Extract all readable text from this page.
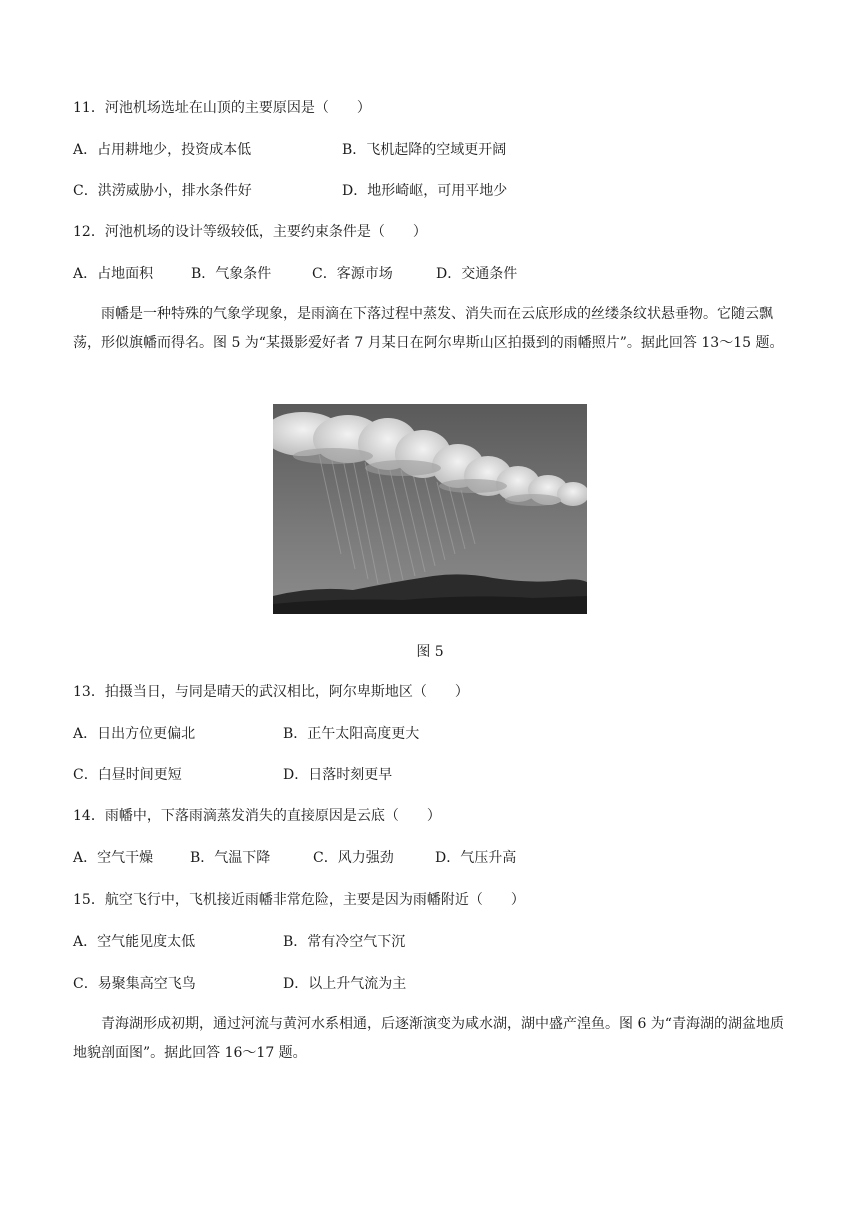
11．河池机场选址在山顶的主要原因是（　　）
A．占用耕地少，投资成本低	B．飞机起降的空域更开阔
C．洪涝威胁小，排水条件好	D．地形崎岖，可用平地少
12．河池机场的设计等级较低，主要约束条件是（　　）
A．占地面积	B．气象条件	C．客源市场	D．交通条件
雨幡是一种特殊的气象学现象，是雨滴在下落过程中蒸发、消失而在云底形成的丝缕条纹状悬垂物。它随云飘荡，形似旗幡而得名。图 5 为“某摄影爱好者 7 月某日在阿尔卑斯山区拍摄到的雨幡照片”。据此回答 13～15 题。
图 5
13．拍摄当日，与同是晴天的武汉相比，阿尔卑斯地区（　　）
A．日出方位更偏北	B．正午太阳高度更大
C．白昼时间更短	D．日落时刻更早
14．雨幡中，下落雨滴蒸发消失的直接原因是云底（　　）
A．空气干燥	B．气温下降	C．风力强劲	D．气压升高
15．航空飞行中，飞机接近雨幡非常危险，主要是因为雨幡附近（　　）
A．空气能见度太低	B．常有冷空气下沉
C．易聚集高空飞鸟	D．以上升气流为主
青海湖形成初期，通过河流与黄河水系相通，后逐渐演变为咸水湖，湖中盛产湟鱼。图 6 为“青海湖的湖盆地质地貌剖面图”。据此回答 16～17 题。
